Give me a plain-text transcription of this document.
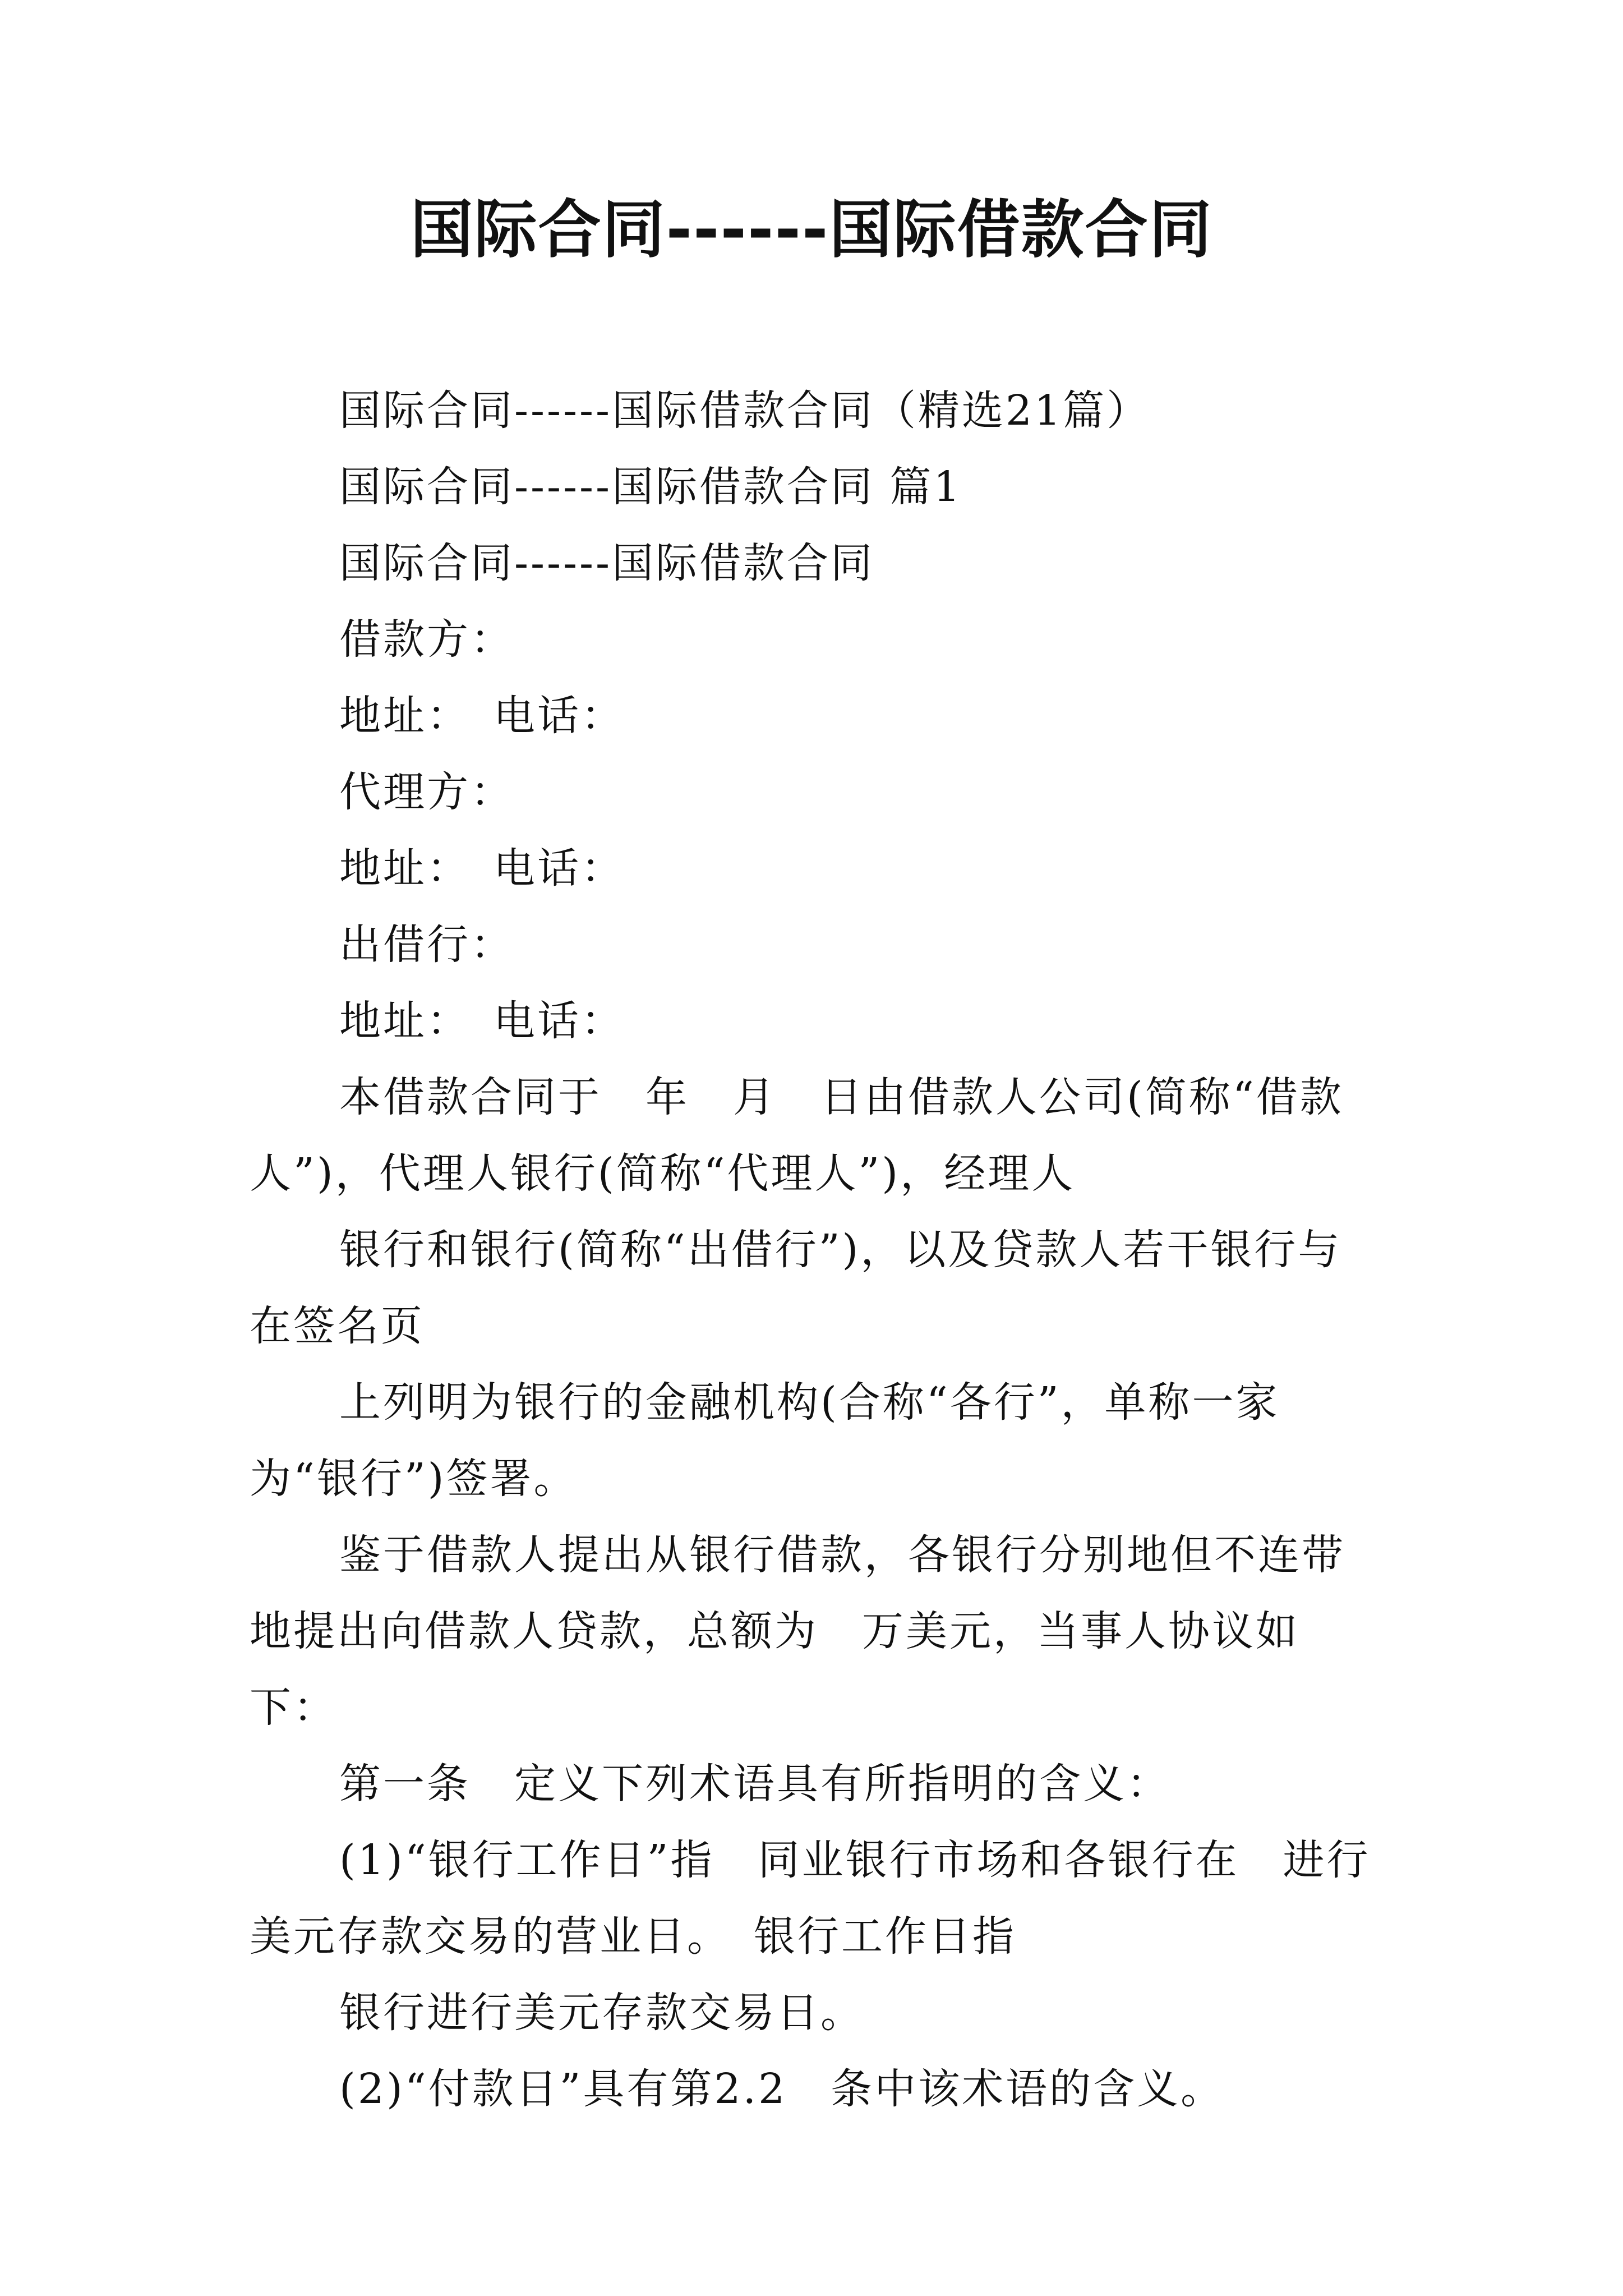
国际合同------国际借款合同

国际合同------国际借款合同（精选21篇）

国际合同------国际借款合同 篇1

国际合同------国际借款合同

借款方：

地址：　电话：

代理方：

地址：　电话：

出借行：

地址：　电话：

本借款合同于　年　月　日由借款人公司(简称“借款人”)，代理人银行(简称“代理人”)，经理人

银行和银行(简称“出借行”)，以及贷款人若干银行与在签名页

上列明为银行的金融机构(合称“各行”，单称一家为“银行”)签署。

鉴于借款人提出从银行借款，各银行分别地但不连带地提出向借款人贷款，总额为　万美元，当事人协议如下：

第一条　定义下列术语具有所指明的含义：

(1)“银行工作日”指　同业银行市场和各银行在　进行美元存款交易的营业日。　银行工作日指

银行进行美元存款交易日。

(2)“付款日”具有第2.2　条中该术语的含义。
